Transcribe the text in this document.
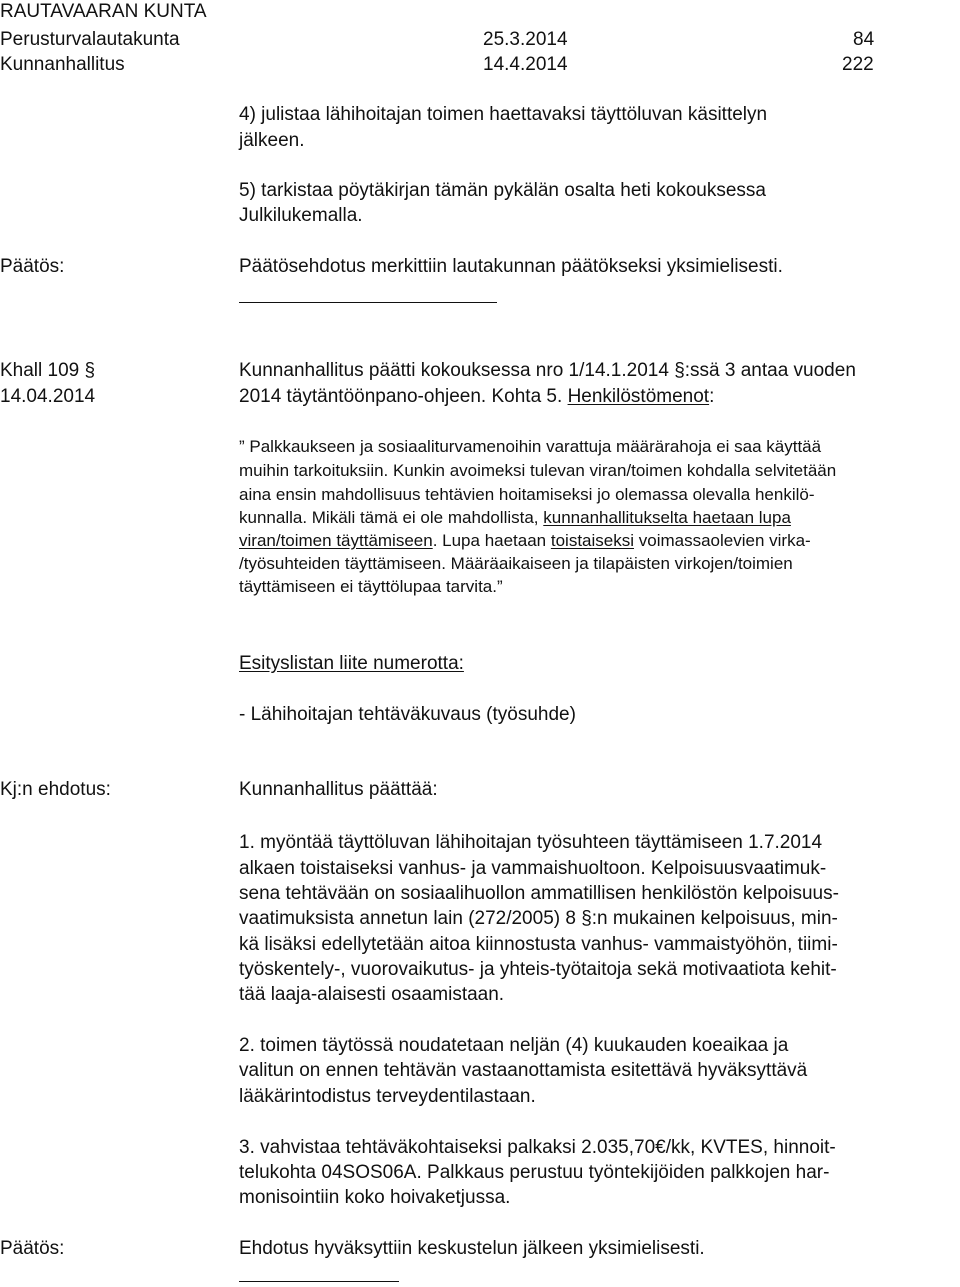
RAUTAVAARAN KUNTA
Perusturvalautakunta	25.3.2014	84
Kunnanhallitus	14.4.2014	222
4) julistaa lähihoitajan toimen haettavaksi täyttöluvan käsittelyn
jälkeen.
5) tarkistaa pöytäkirjan tämän pykälän osalta heti kokouksessa
Julkilukemalla.
Päätös:	Päätösehdotus merkittiin lautakunnan päätökseksi yksimielisesti.
Khall 109 §
14.04.2014
Kunnanhallitus päätti kokouksessa nro 1/14.1.2014 §:ssä 3 antaa vuoden
2014 täytäntöönpano-ohjeen. Kohta 5. Henkilöstömenot:
” Palkkaukseen ja sosiaaliturvamenoihin varattuja määrärahoja ei saa käyttää
muihin tarkoituksiin. Kunkin avoimeksi tulevan viran/toimen kohdalla selvitetään
aina ensin mahdollisuus tehtävien hoitamiseksi jo olemassa olevalla henkilö-
kunnalla. Mikäli tämä ei ole mahdollista, kunnanhallitukselta haetaan lupa
viran/toimen täyttämiseen. Lupa haetaan toistaiseksi voimassaolevien virka-
/työsuhteiden täyttämiseen. Määräaikaiseen ja tilapäisten virkojen/toimien
täyttämiseen ei täyttölupaa tarvita.”
Esityslistan liite numerotta:
- Lähihoitajan tehtäväkuvaus (työsuhde)
Kj:n ehdotus:	Kunnanhallitus päättää:
1. myöntää täyttöluvan lähihoitajan työsuhteen täyttämiseen 1.7.2014
alkaen toistaiseksi vanhus- ja vammaishuoltoon. Kelpoisuusvaatimuk-
sena tehtävään on sosiaalihuollon ammatillisen henkilöstön kelpoisuus-
vaatimuksista annetun lain (272/2005) 8 §:n mukainen kelpoisuus, min-
kä lisäksi edellytetään aitoa kiinnostusta vanhus- vammaistyöhön, tiimi-
työskentely-, vuorovaikutus- ja yhteis-työtaitoja sekä motivaatiota kehit-
tää laaja-alaisesti osaamistaan.
2. toimen täytössä noudatetaan neljän (4) kuukauden koeaikaa ja
valitun on ennen tehtävän vastaanottamista esitettävä hyväksyttävä
lääkärintodistus terveydentilastaan.
3. vahvistaa tehtäväkohtaiseksi palkaksi 2.035,70€/kk, KVTES, hinnoit-
telukohta 04SOS06A. Palkkaus perustuu työntekijöiden palkkojen har-
monisointiin koko hoivaketjussa.
Päätös:	Ehdotus hyväksyttiin keskustelun jälkeen yksimielisesti.
